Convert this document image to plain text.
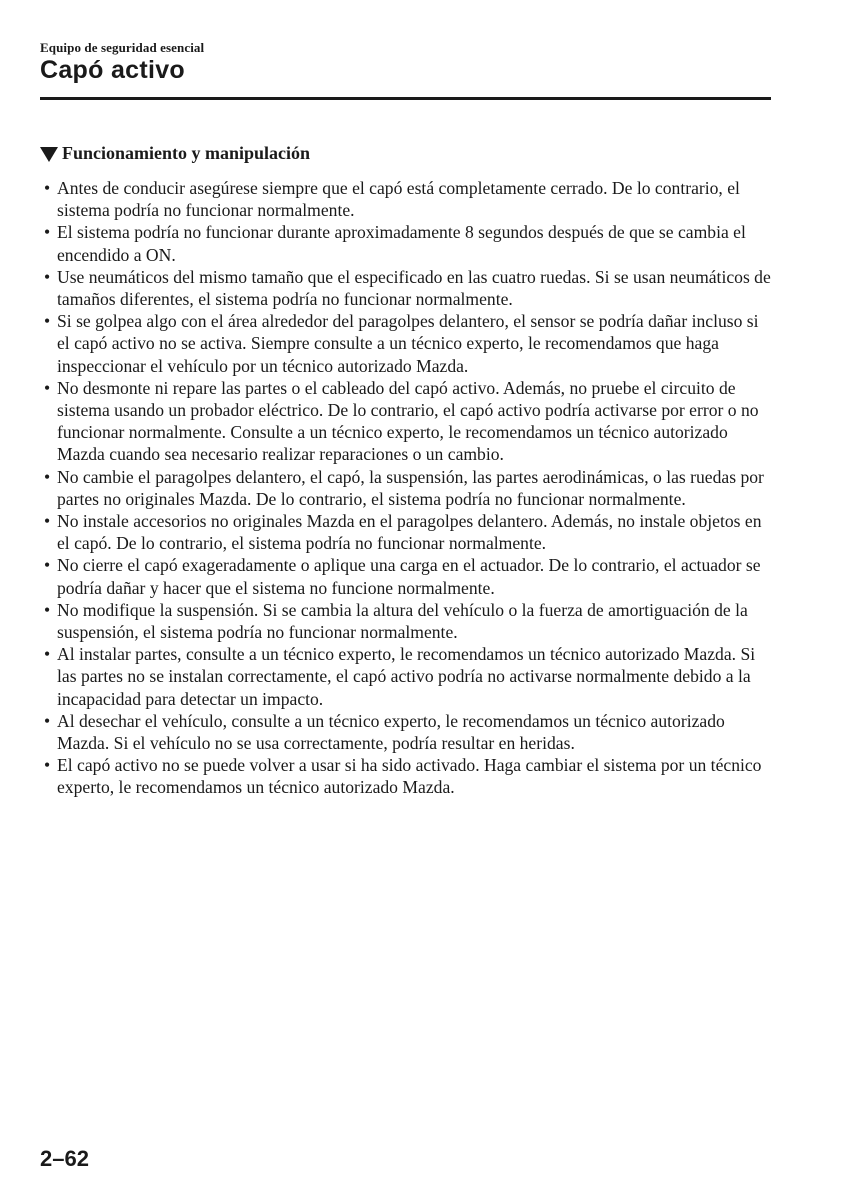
Equipo de seguridad esencial
Capó activo
Funcionamiento y manipulación
• Antes de conducir asegúrese siempre que el capó está completamente cerrado. De lo contrario, el sistema podría no funcionar normalmente.
• El sistema podría no funcionar durante aproximadamente 8 segundos después de que se cambia el encendido a ON.
• Use neumáticos del mismo tamaño que el especificado en las cuatro ruedas. Si se usan neumáticos de tamaños diferentes, el sistema podría no funcionar normalmente.
• Si se golpea algo con el área alrededor del paragolpes delantero, el sensor se podría dañar incluso si el capó activo no se activa. Siempre consulte a un técnico experto, le recomendamos que haga inspeccionar el vehículo por un técnico autorizado Mazda.
• No desmonte ni repare las partes o el cableado del capó activo. Además, no pruebe el circuito de sistema usando un probador eléctrico. De lo contrario, el capó activo podría activarse por error o no funcionar normalmente. Consulte a un técnico experto, le recomendamos un técnico autorizado Mazda cuando sea necesario realizar reparaciones o un cambio.
• No cambie el paragolpes delantero, el capó, la suspensión, las partes aerodinámicas, o las ruedas por partes no originales Mazda. De lo contrario, el sistema podría no funcionar normalmente.
• No instale accesorios no originales Mazda en el paragolpes delantero. Además, no instale objetos en el capó. De lo contrario, el sistema podría no funcionar normalmente.
• No cierre el capó exageradamente o aplique una carga en el actuador. De lo contrario, el actuador se podría dañar y hacer que el sistema no funcione normalmente.
• No modifique la suspensión. Si se cambia la altura del vehículo o la fuerza de amortiguación de la suspensión, el sistema podría no funcionar normalmente.
• Al instalar partes, consulte a un técnico experto, le recomendamos un técnico autorizado Mazda. Si las partes no se instalan correctamente, el capó activo podría no activarse normalmente debido a la incapacidad para detectar un impacto.
• Al desechar el vehículo, consulte a un técnico experto, le recomendamos un técnico autorizado Mazda. Si el vehículo no se usa correctamente, podría resultar en heridas.
• El capó activo no se puede volver a usar si ha sido activado. Haga cambiar el sistema por un técnico experto, le recomendamos un técnico autorizado Mazda.
2–62
